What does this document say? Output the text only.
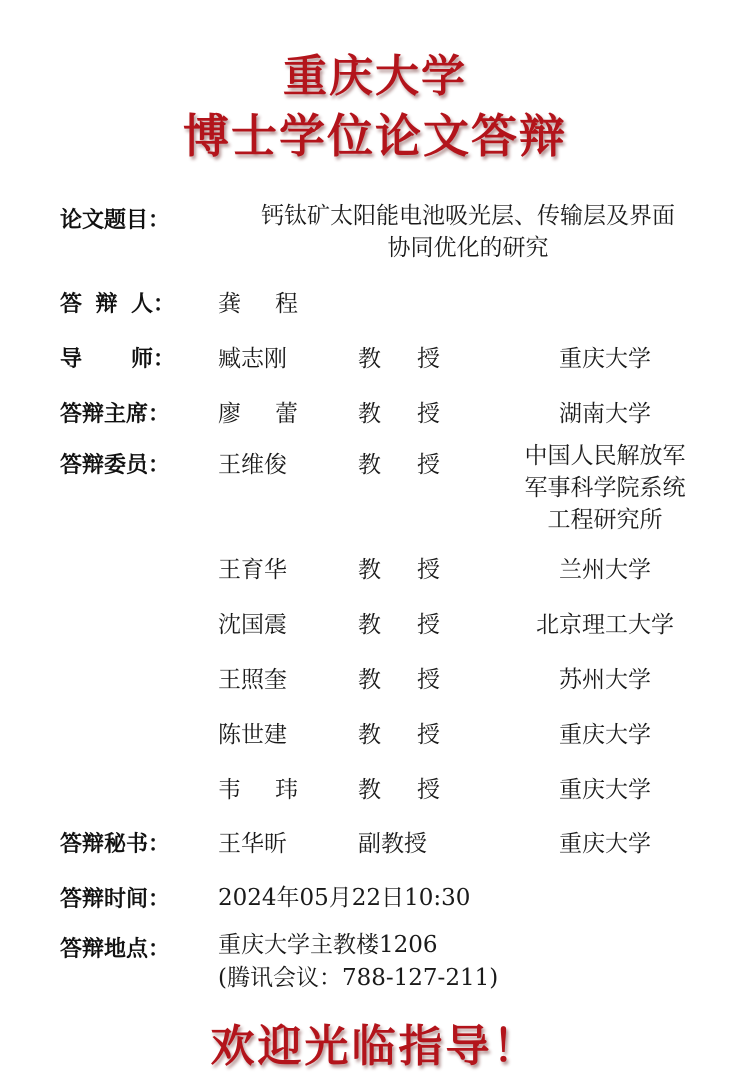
重庆大学
博士学位论文答辩
论文题目：	钙钛矿太阳能电池吸光层、传输层及界面
协同优化的研究
答 辩 人： 龚 程
导 师： 臧志刚	教 授	重庆大学
答辩主席：	廖 蕾	教 授	湖南大学
答辩委员：	王维俊	教 授	中国人民解放军
军事科学院系统
工程研究所
王育华	教 授	兰州大学
沈国震	教 授	北京理工大学
王照奎	教 授	苏州大学
陈世建	教 授	重庆大学
韦 玮	教 授	重庆大学
答辩秘书：	王华昕	副教授	重庆大学
答辩时间：	2024年05月22日10:30
答辩地点：	重庆大学主教楼1206
(腾讯会议：788-127-211)
欢迎光临指导！
